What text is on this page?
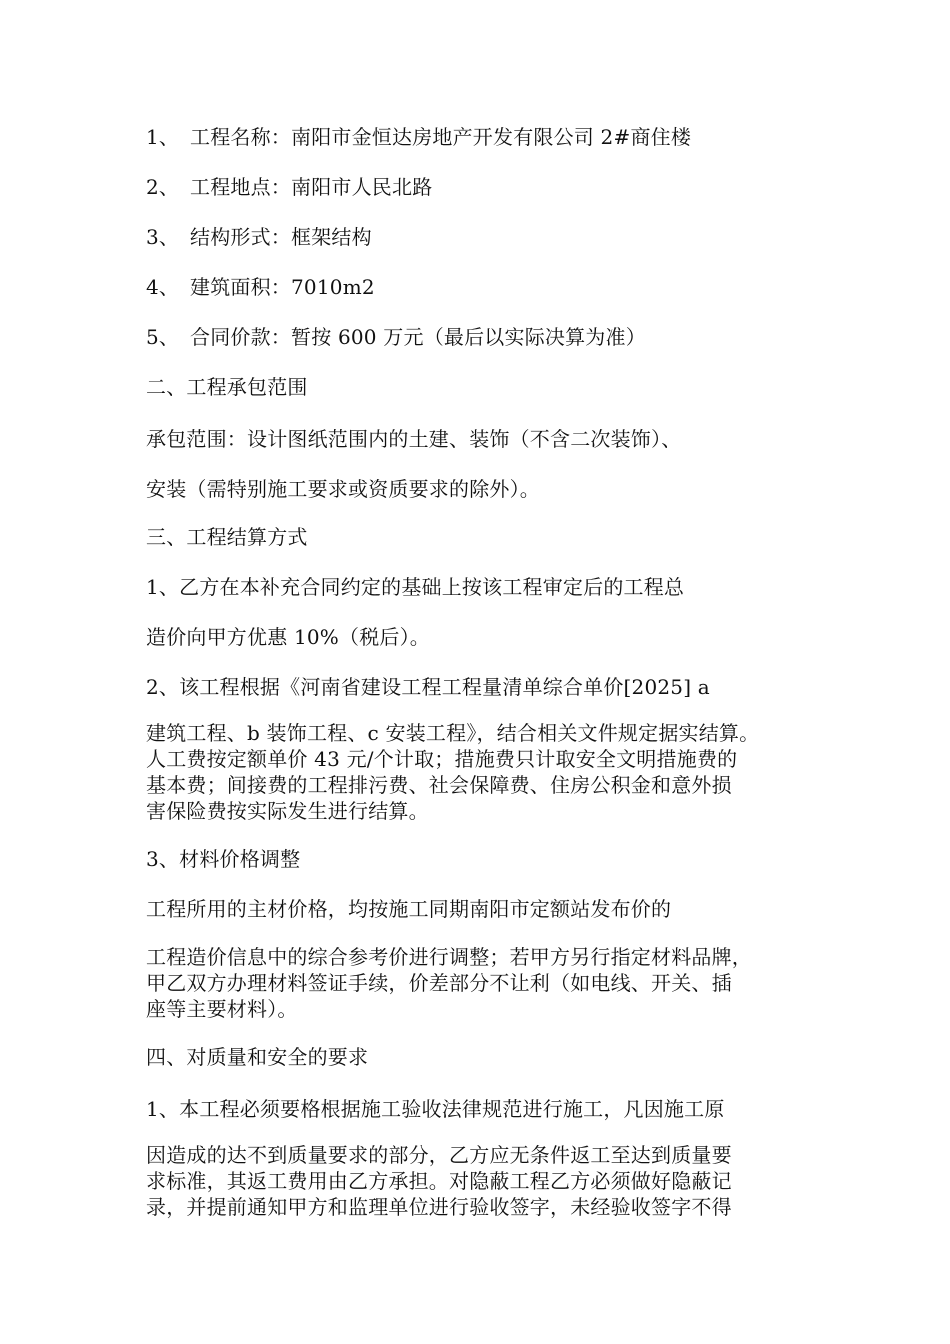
1、 工程名称：南阳市金恒达房地产开发有限公司 2#商住楼
2、 工程地点：南阳市人民北路
3、 结构形式：框架结构
4、 建筑面积：7010m2
5、 合同价款：暂按 600 万元（最后以实际决算为准）
二、工程承包范围
承包范围：设计图纸范围内的土建、装饰（不含二次装饰）、
安装（需特别施工要求或资质要求的除外）。
三、工程结算方式
1、乙方在本补充合同约定的基础上按该工程审定后的工程总
造价向甲方优惠 10%（税后）。
2、该工程根据《河南省建设工程工程量清单综合单价[2025] a
建筑工程、b 装饰工程、c 安装工程》，结合相关文件规定据实结算。
人工费按定额单价 43 元/个计取；措施费只计取安全文明措施费的
基本费；间接费的工程排污费、社会保障费、住房公积金和意外损
害保险费按实际发生进行结算。
3、材料价格调整
工程所用的主材价格，均按施工同期南阳市定额站发布价的
工程造价信息中的综合参考价进行调整；若甲方另行指定材料品牌，
甲乙双方办理材料签证手续，价差部分不让利（如电线、开关、插
座等主要材料）。
四、对质量和安全的要求
1、本工程必须要格根据施工验收法律规范进行施工，凡因施工原
因造成的达不到质量要求的部分，乙方应无条件返工至达到质量要
求标准，其返工费用由乙方承担。对隐蔽工程乙方必须做好隐蔽记
录，并提前通知甲方和监理单位进行验收签字，未经验收签字不得
